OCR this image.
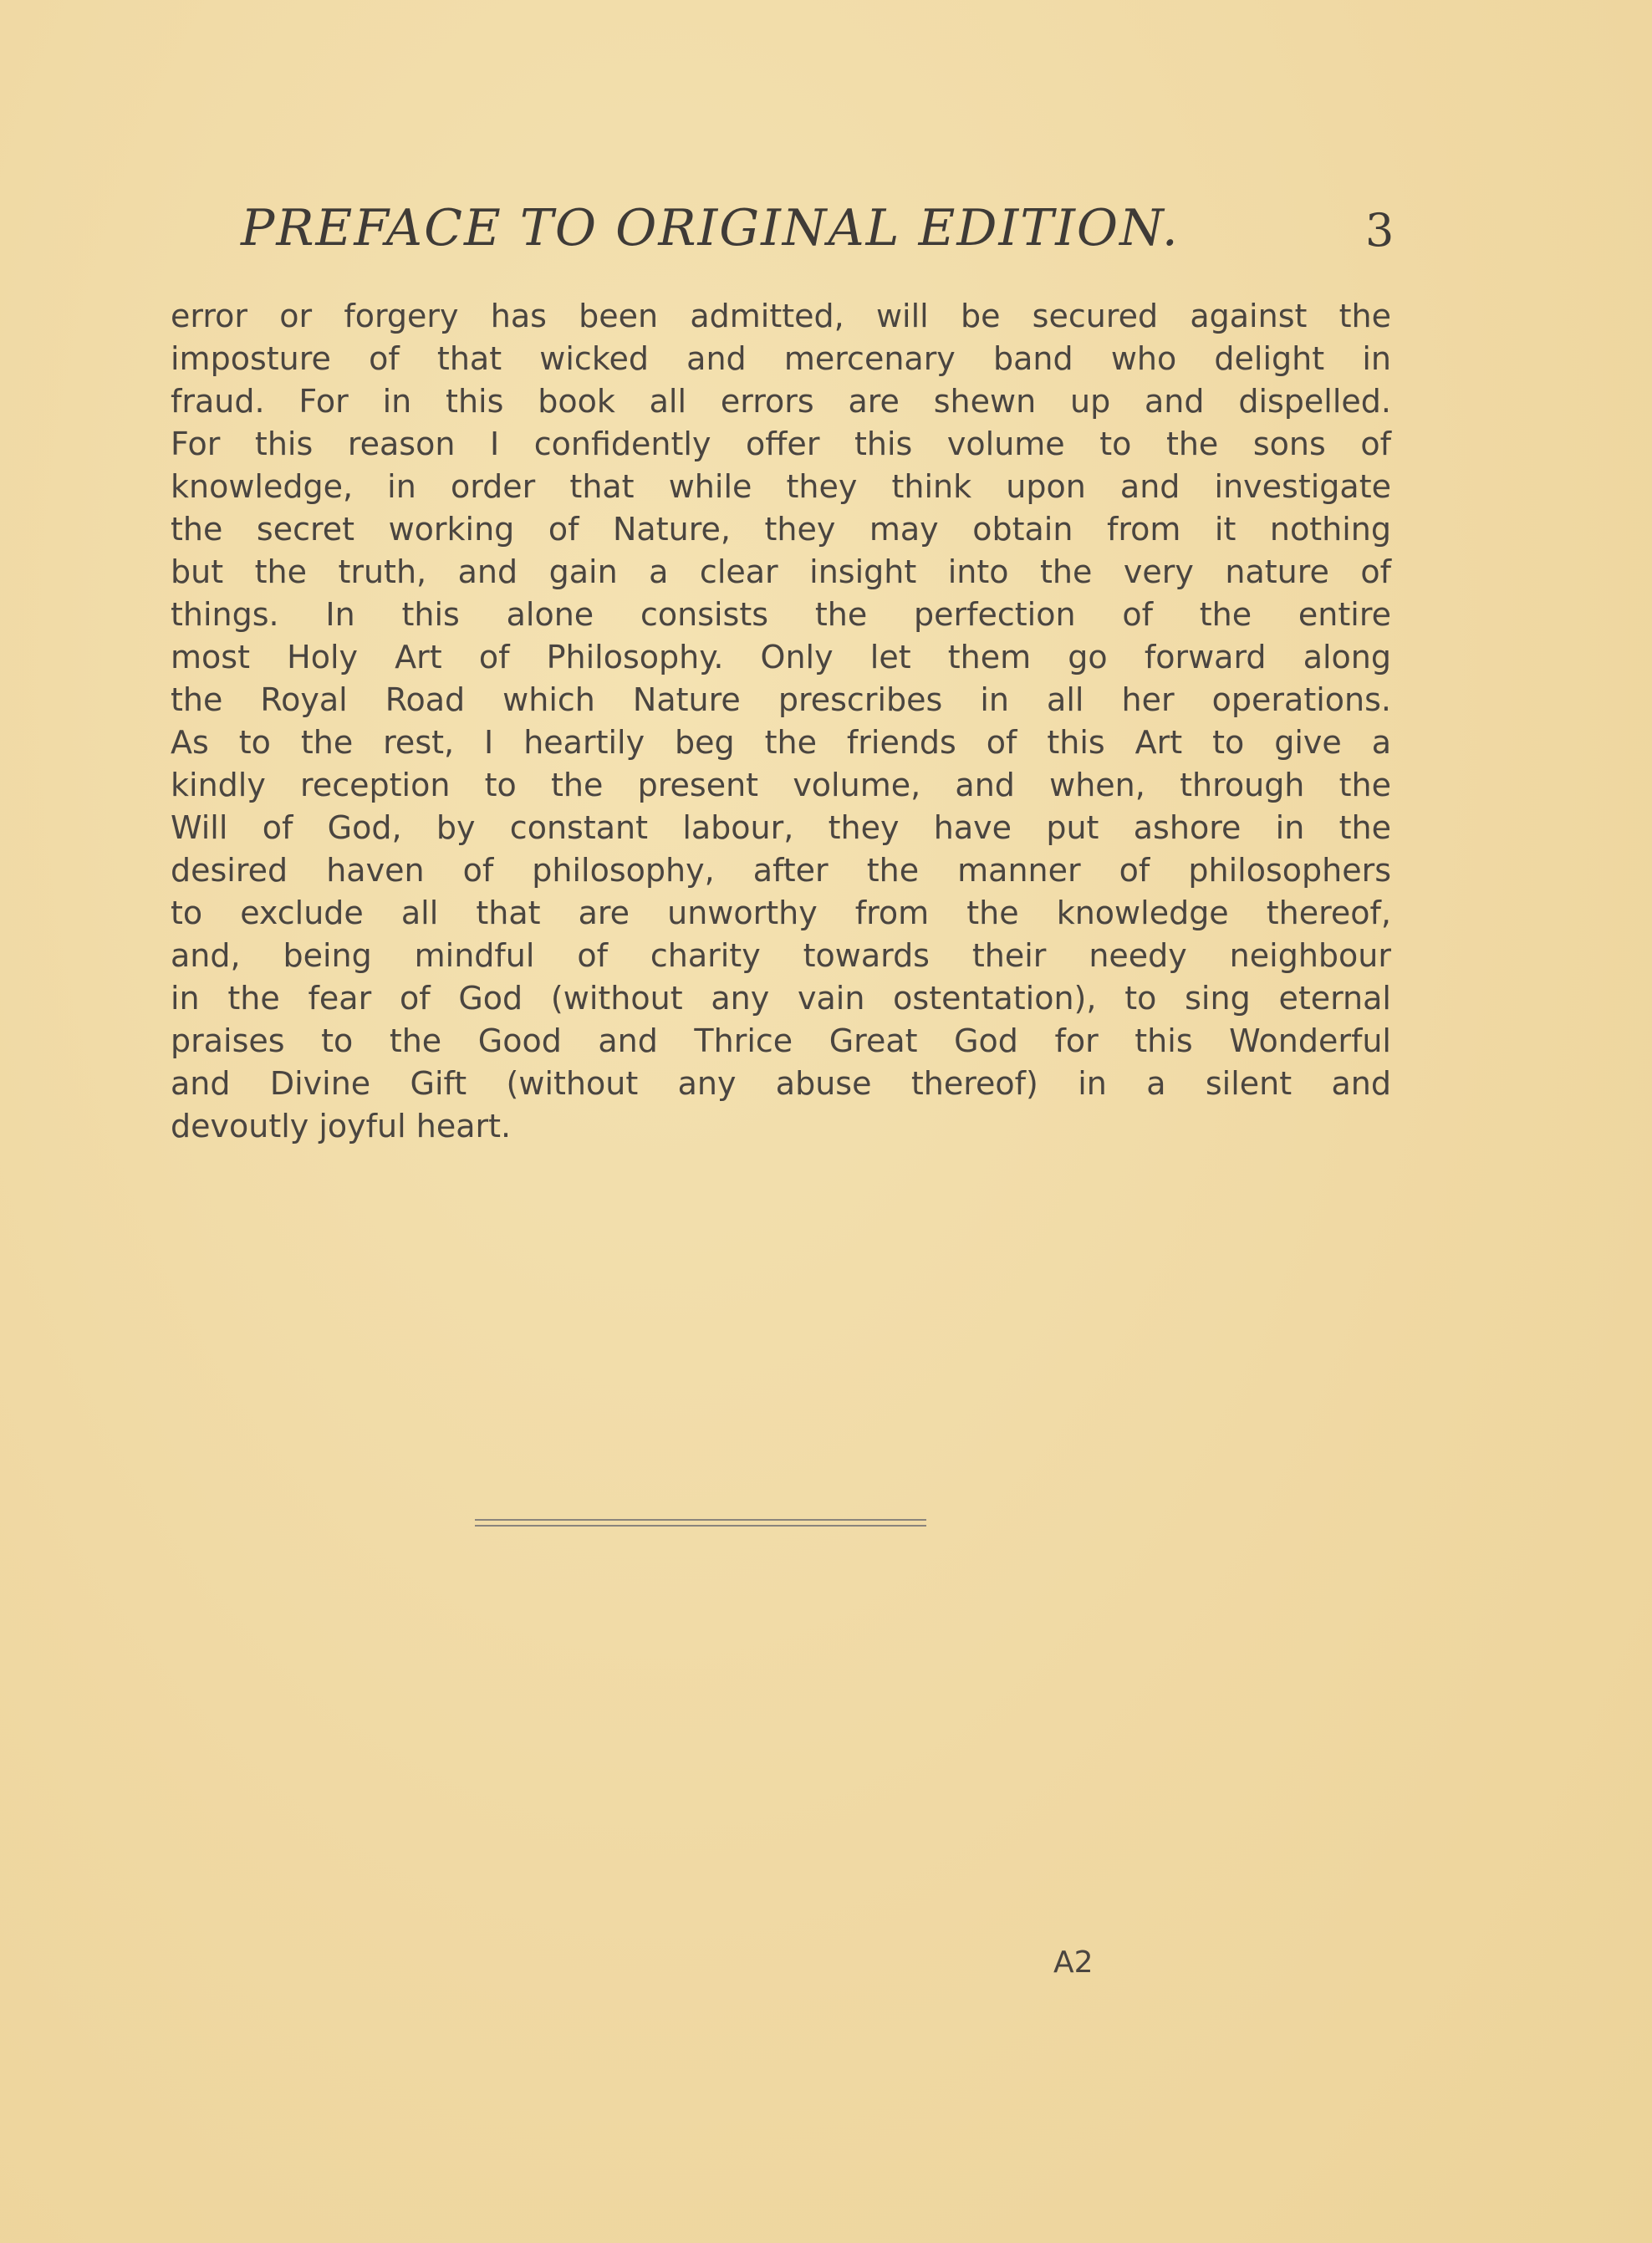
PREFACE TO ORIGINAL EDITION.	3
error or forgery has been admitted, will be secured against the
imposture of that wicked and mercenary band who delight in
fraud. For in this book all errors are shewn up and dispelled.
For this reason I confidently offer this volume to the sons of
knowledge, in order that while they think upon and investigate
the secret working of Nature, they may obtain from it nothing
but the truth, and gain a clear insight into the very nature of
things. In this alone consists the perfection of the entire
most Holy Art of Philosophy. Only let them go forward along
the Royal Road which Nature prescribes in all her operations.
As to the rest, I heartily beg the friends of this Art to give a
kindly reception to the present volume, and when, through the
Will of God, by constant labour, they have put ashore in the
desired haven of philosophy, after the manner of philosophers
to exclude all that are unworthy from the knowledge thereof,
and, being mindful of charity towards their needy neighbour
in the fear of God (without any vain ostentation), to sing eternal
praises to the Good and Thrice Great God for this Wonderful
and Divine Gift (without any abuse thereof) in a silent and
devoutly joyful heart.
A2
